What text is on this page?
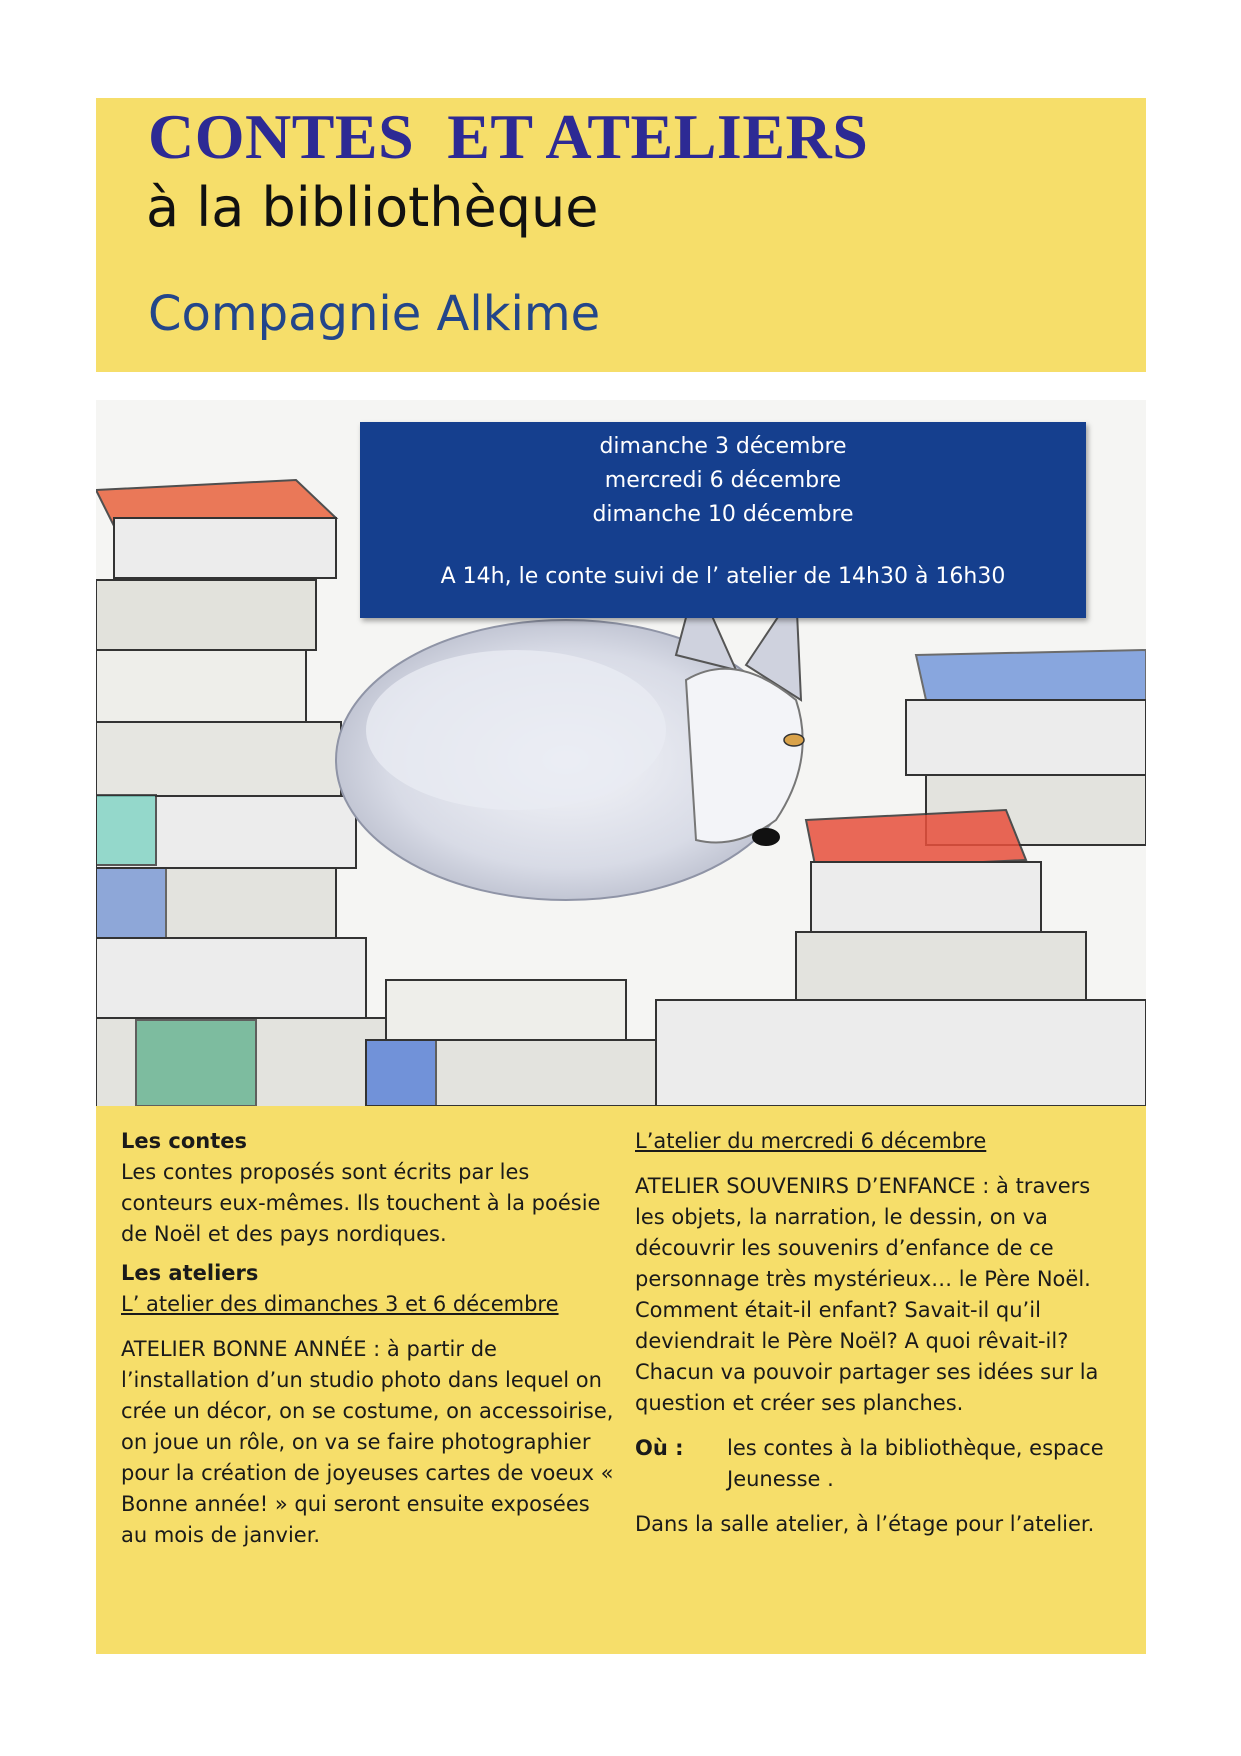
CONTES  ET ATELIERS
à la bibliothèque
Compagnie Alkime
dimanche 3 décembre
mercredi 6 décembre
dimanche 10 décembre
A 14h, le conte suivi de l’ atelier de 14h30 à 16h30

Les contes

Les contes proposés sont écrits par les conteurs eux-mêmes. Ils touchent à la poésie de Noël et des pays nordiques.

Les ateliers

L’ atelier des dimanches 3 et 6 décembre

ATELIER BONNE ANNÉE : à partir de l’installation d’un studio photo dans lequel on crée un décor, on se costume, on accessoirise, on joue un rôle, on va se faire photographier pour la création de joyeuses cartes de voeux « Bonne année! » qui seront ensuite exposées au mois de janvier.

L’atelier du mercredi 6 décembre

ATELIER SOUVENIRS D’ENFANCE : à travers les objets, la narration, le dessin, on va découvrir les souvenirs d’enfance de ce personnage très mystérieux… le Père Noël. Comment était-il enfant? Savait-il qu’il deviendrait le Père Noël? A quoi rêvait-il? Chacun va pouvoir partager ses idées sur la question et créer ses planches.

Où :	les contes à la bibliothèque, espace Jeunesse .

Dans la salle atelier, à l’étage pour l’atelier.
